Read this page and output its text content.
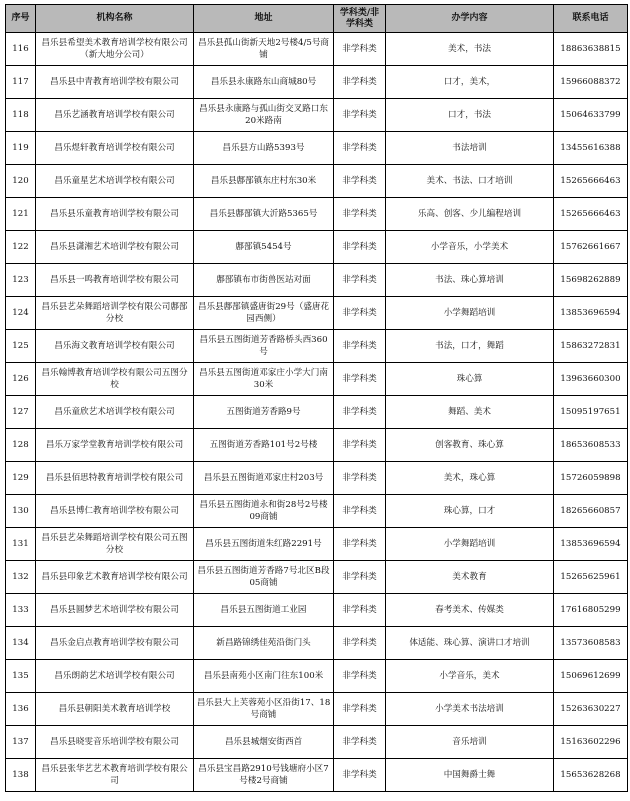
序号	机构名称	地址	学科类/非学科类	办学内容	联系电话
116	昌乐县希望美术教育培训学校有限公司（新大地分公司）	昌乐县孤山街新天地2号楼4/5号商铺	非学科类	美术，书法	18863638815
117	昌乐县中青教育培训学校有限公司	昌乐县永康路东山商城80号	非学科类	口才，美术，	15966088372
118	昌乐艺涵教育培训学校有限公司	昌乐县永康路与孤山街交叉路口东20米路南	非学科类	口才，书法	15064633799
119	昌乐煜轩教育培训学校有限公司	昌乐县方山路5393号	非学科类	书法培训	13455616388
120	昌乐童星艺术培训学校有限公司	昌乐县鄌郚镇东庄村东30米	非学科类	美术、书法、口才培训	15265666463
121	昌乐县乐童教育培训学校有限公司	昌乐县鄌郚镇大沂路5365号	非学科类	乐高、创客、少儿编程培训	15265666463
122	昌乐县潇湘艺术培训学校有限公司	鄌郚镇5454号	非学科类	小学音乐，小学美术	15762661667
123	昌乐县一鸣教育培训学校有限公司	鄌郚镇布市街兽医站对面	非学科类	书法、珠心算培训	15698262889
124	昌乐县艺朵舞蹈培训学校有限公司鄌郚分校	昌乐县鄌郚镇盛唐街29号（盛唐花园西侧）	非学科类	小学舞蹈培训	13853696594
125	昌乐海文教育培训学校有限公司	昌乐县五图街道芳香路桥头西360号	非学科类	书法，口才，舞蹈	15863272831
126	昌乐翰博教育培训学校有限公司五图分校	昌乐县五图街道邓家庄小学大门南30米	非学科类	珠心算	13963660300
127	昌乐童欣艺术培训学校有限公司	五图街道芳香路9号	非学科类	舞蹈、美术	15095197651
128	昌乐万家学堂教育培训学校有限公司	五图街道芳香路101号2号楼	非学科类	创客教育、珠心算	18653608533
129	昌乐县佰思特教育培训学校有限公司	昌乐县五图街道邓家庄村203号	非学科类	美术，珠心算	15726059898
130	昌乐县博仁教育培训学校有限公司	昌乐县五图街道永和街28号2号楼09商铺	非学科类	珠心算，口才	18265660857
131	昌乐县艺朵舞蹈培训学校有限公司五图分校	昌乐县五图街道朱红路2291号	非学科类	小学舞蹈培训	13853696594
132	昌乐县印象艺术教育培训学校有限公司	昌乐县五图街道芳香路7号北区B段05商铺	非学科类	美术教育	15265625961
133	昌乐县圆梦艺术培训学校有限公司	昌乐县五图街道工业园	非学科类	春考美术、传媒类	17616805299
134	昌乐金启点教育培训学校有限公司	新昌路锦绣佳苑沿街门头	非学科类	体适能、珠心算、演讲口才培训	13573608583
135	昌乐朗韵艺术培训学校有限公司	昌乐县南苑小区南门往东100米	非学科类	小学音乐，美术	15069612699
136	昌乐县朝阳美术教育培训学校	昌乐县大上芙蓉苑小区沿街17、18号商铺	非学科类	小学美术书法培训	15263630227
137	昌乐县晓雯音乐培训学校有限公司	昌乐县城烟安街西首	非学科类	音乐培训	15163602296
138	昌乐县张华艺艺术教育培训学校有限公司	昌乐县宝昌路2910号钱塘府小区7号楼2号商铺	非学科类	中国舞爵士舞	15653628268
